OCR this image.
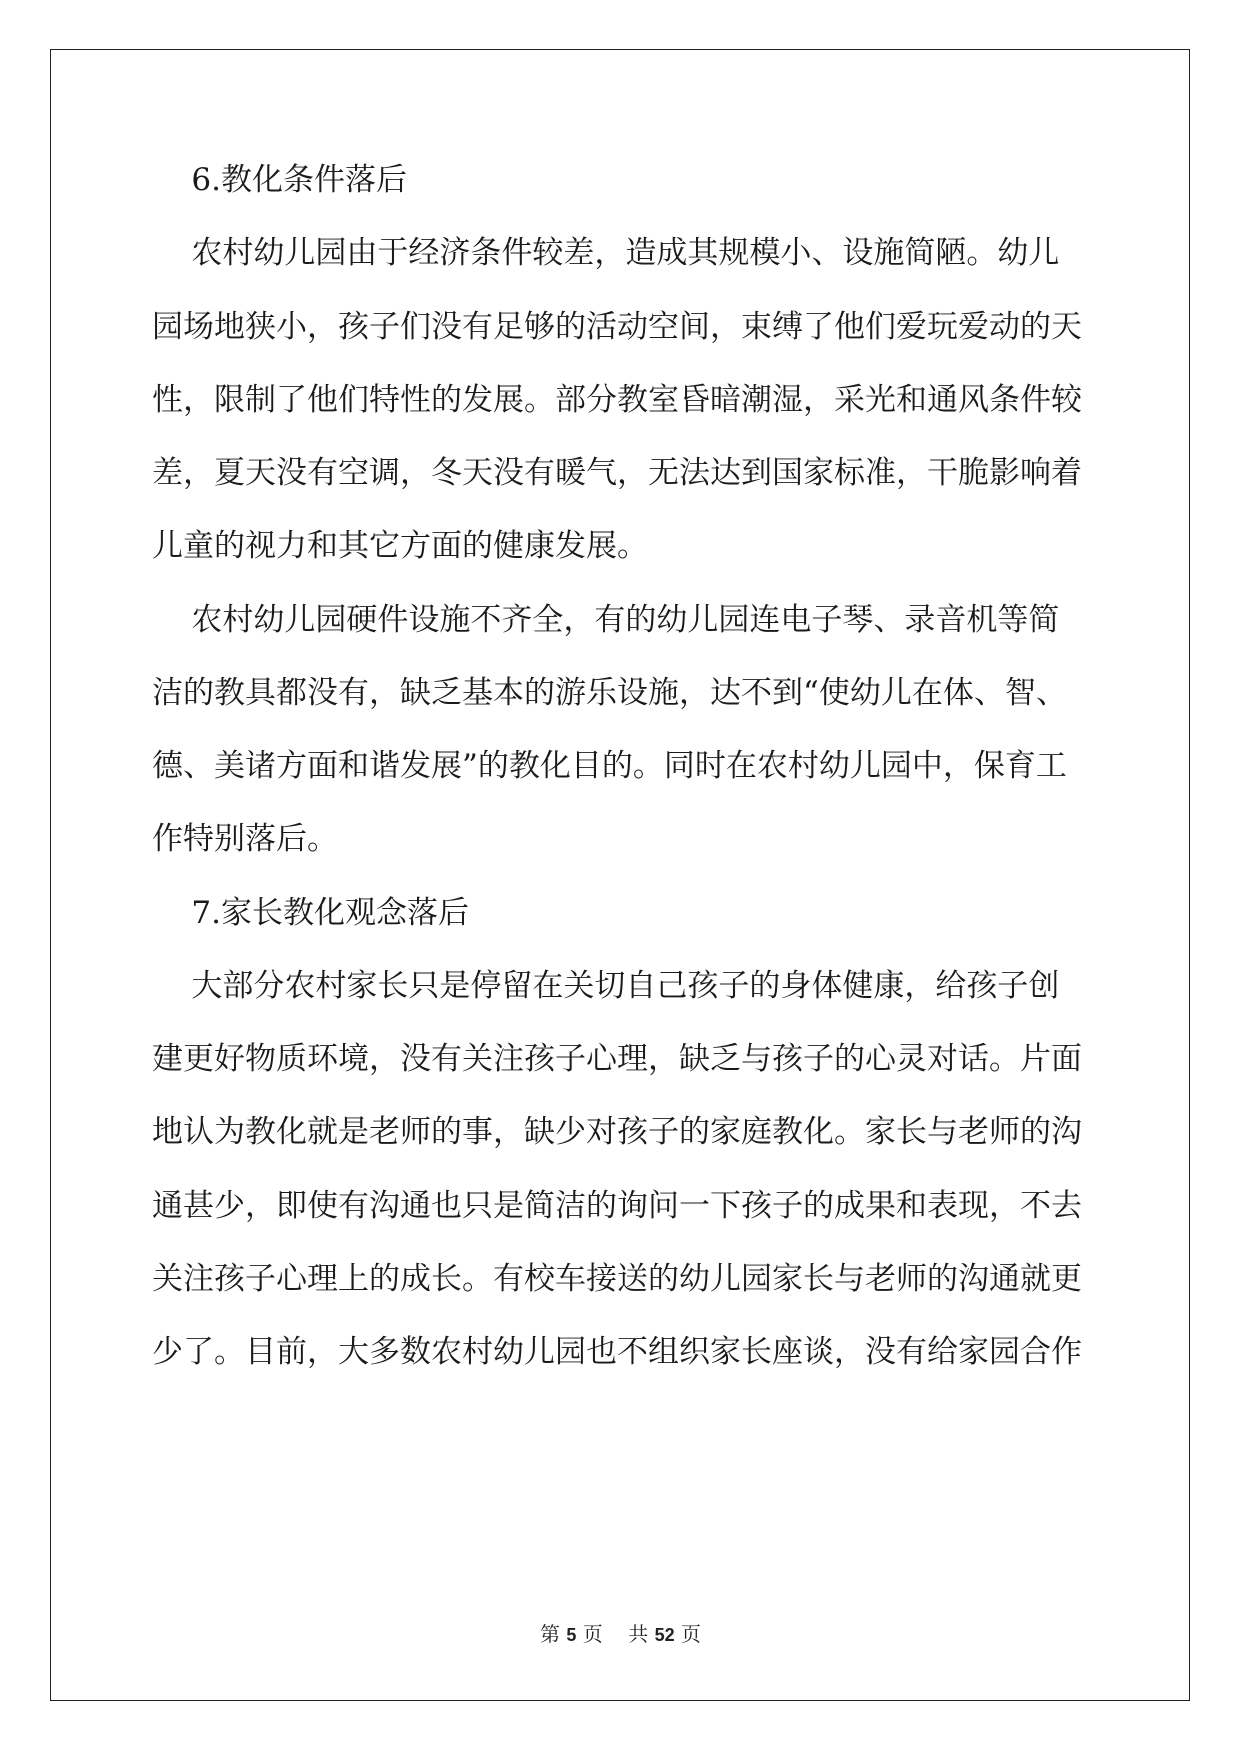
6.教化条件落后

农村幼儿园由于经济条件较差，造成其规模小、设施简陋。幼儿

园场地狭小，孩子们没有足够的活动空间，束缚了他们爱玩爱动的天

性，限制了他们特性的发展。部分教室昏暗潮湿，采光和通风条件较

差，夏天没有空调，冬天没有暖气，无法达到国家标准，干脆影响着

儿童的视力和其它方面的健康发展。

农村幼儿园硬件设施不齐全，有的幼儿园连电子琴、录音机等简

洁的教具都没有，缺乏基本的游乐设施，达不到“使幼儿在体、智、

德、美诸方面和谐发展”的教化目的。同时在农村幼儿园中，保育工

作特别落后。

7.家长教化观念落后

大部分农村家长只是停留在关切自己孩子的身体健康，给孩子创

建更好物质环境，没有关注孩子心理，缺乏与孩子的心灵对话。片面

地认为教化就是老师的事，缺少对孩子的家庭教化。家长与老师的沟

通甚少，即使有沟通也只是简洁的询问一下孩子的成果和表现，不去

关注孩子心理上的成长。有校车接送的幼儿园家长与老师的沟通就更

少了。目前，大多数农村幼儿园也不组织家长座谈，没有给家园合作

第 5 页 共 52 页
